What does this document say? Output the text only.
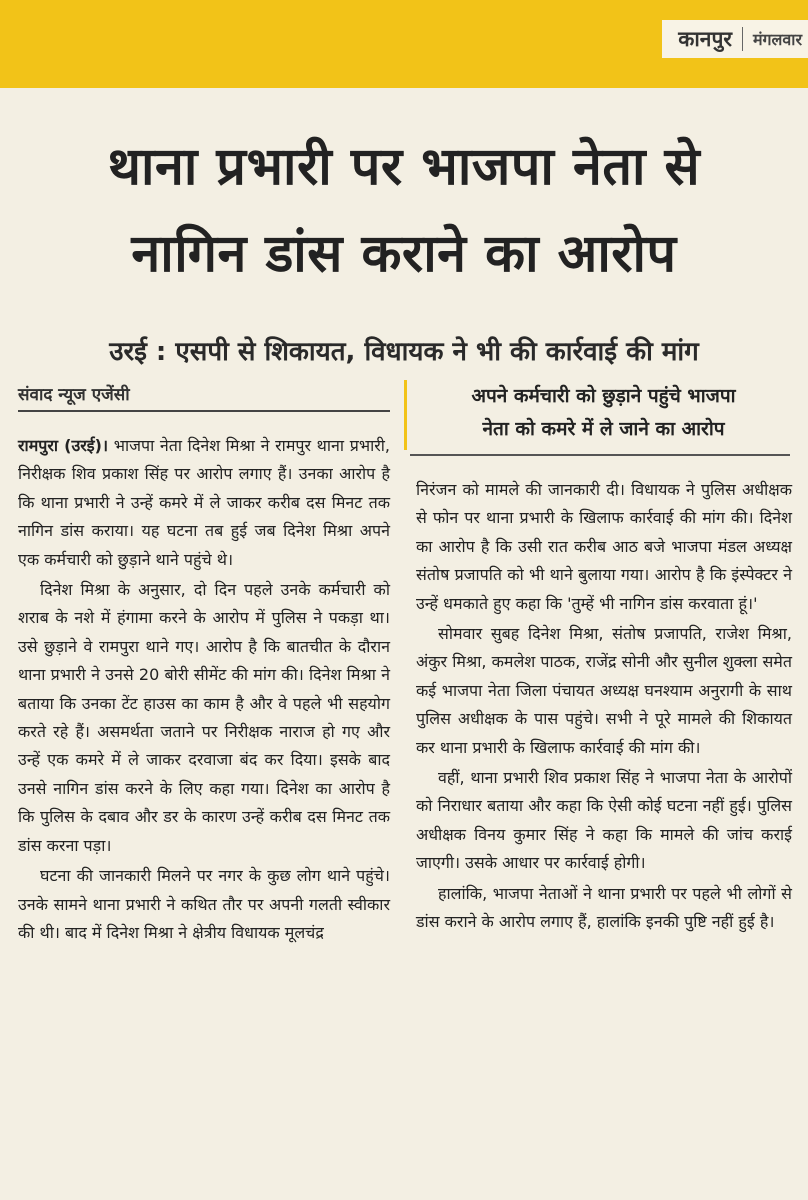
कानपुर मंगलवार
थाना प्रभारी पर भाजपा नेता से
नागिन डांस कराने का आरोप
उरई : एसपी से शिकायत, विधायक ने भी की कार्रवाई की मांग
संवाद न्यूज एजेंसी	अपने कर्मचारी को छुड़ाने पहुंचे भाजपा
नेता को कमरे में ले जाने का आरोप

रामपुरा (उरई)। भाजपा नेता दिनेश मिश्रा ने रामपुर थाना प्रभारी, निरीक्षक शिव प्रकाश सिंह पर आरोप लगाए हैं। उनका आरोप है कि थाना प्रभारी ने उन्हें कमरे में ले जाकर करीब दस मिनट तक नागिन डांस कराया। यह घटना तब हुई जब दिनेश मिश्रा अपने एक कर्मचारी को छुड़ाने थाने पहुंचे थे।

दिनेश मिश्रा के अनुसार, दो दिन पहले उनके कर्मचारी को शराब के नशे में हंगामा करने के आरोप में पुलिस ने पकड़ा था। उसे छुड़ाने वे रामपुरा थाने गए। आरोप है कि बातचीत के दौरान थाना प्रभारी ने उनसे 20 बोरी सीमेंट की मांग की। दिनेश मिश्रा ने बताया कि उनका टेंट हाउस का काम है और वे पहले भी सहयोग करते रहे हैं। असमर्थता जताने पर निरीक्षक नाराज हो गए और उन्हें एक कमरे में ले जाकर दरवाजा बंद कर दिया। इसके बाद उनसे नागिन डांस करने के लिए कहा गया। दिनेश का आरोप है कि पुलिस के दबाव और डर के कारण उन्हें करीब दस मिनट तक डांस करना पड़ा।

घटना की जानकारी मिलने पर नगर के कुछ लोग थाने पहुंचे। उनके सामने थाना प्रभारी ने कथित तौर पर अपनी गलती स्वीकार की थी। बाद में दिनेश मिश्रा ने क्षेत्रीय विधायक मूलचंद्र

निरंजन को मामले की जानकारी दी। विधायक ने पुलिस अधीक्षक से फोन पर थाना प्रभारी के खिलाफ कार्रवाई की मांग की। दिनेश का आरोप है कि उसी रात करीब आठ बजे भाजपा मंडल अध्यक्ष संतोष प्रजापति को भी थाने बुलाया गया। आरोप है कि इंस्पेक्टर ने उन्हें धमकाते हुए कहा कि 'तुम्हें भी नागिन डांस करवाता हूं।'

सोमवार सुबह दिनेश मिश्रा, संतोष प्रजापति, राजेश मिश्रा, अंकुर मिश्रा, कमलेश पाठक, राजेंद्र सोनी और सुनील शुक्ला समेत कई भाजपा नेता जिला पंचायत अध्यक्ष घनश्याम अनुरागी के साथ पुलिस अधीक्षक के पास पहुंचे। सभी ने पूरे मामले की शिकायत कर थाना प्रभारी के खिलाफ कार्रवाई की मांग की।

वहीं, थाना प्रभारी शिव प्रकाश सिंह ने भाजपा नेता के आरोपों को निराधार बताया और कहा कि ऐसी कोई घटना नहीं हुई। पुलिस अधीक्षक विनय कुमार सिंह ने कहा कि मामले की जांच कराई जाएगी। उसके आधार पर कार्रवाई होगी।

हालांकि, भाजपा नेताओं ने थाना प्रभारी पर पहले भी लोगों से डांस कराने के आरोप लगाए हैं, हालांकि इनकी पुष्टि नहीं हुई है।
